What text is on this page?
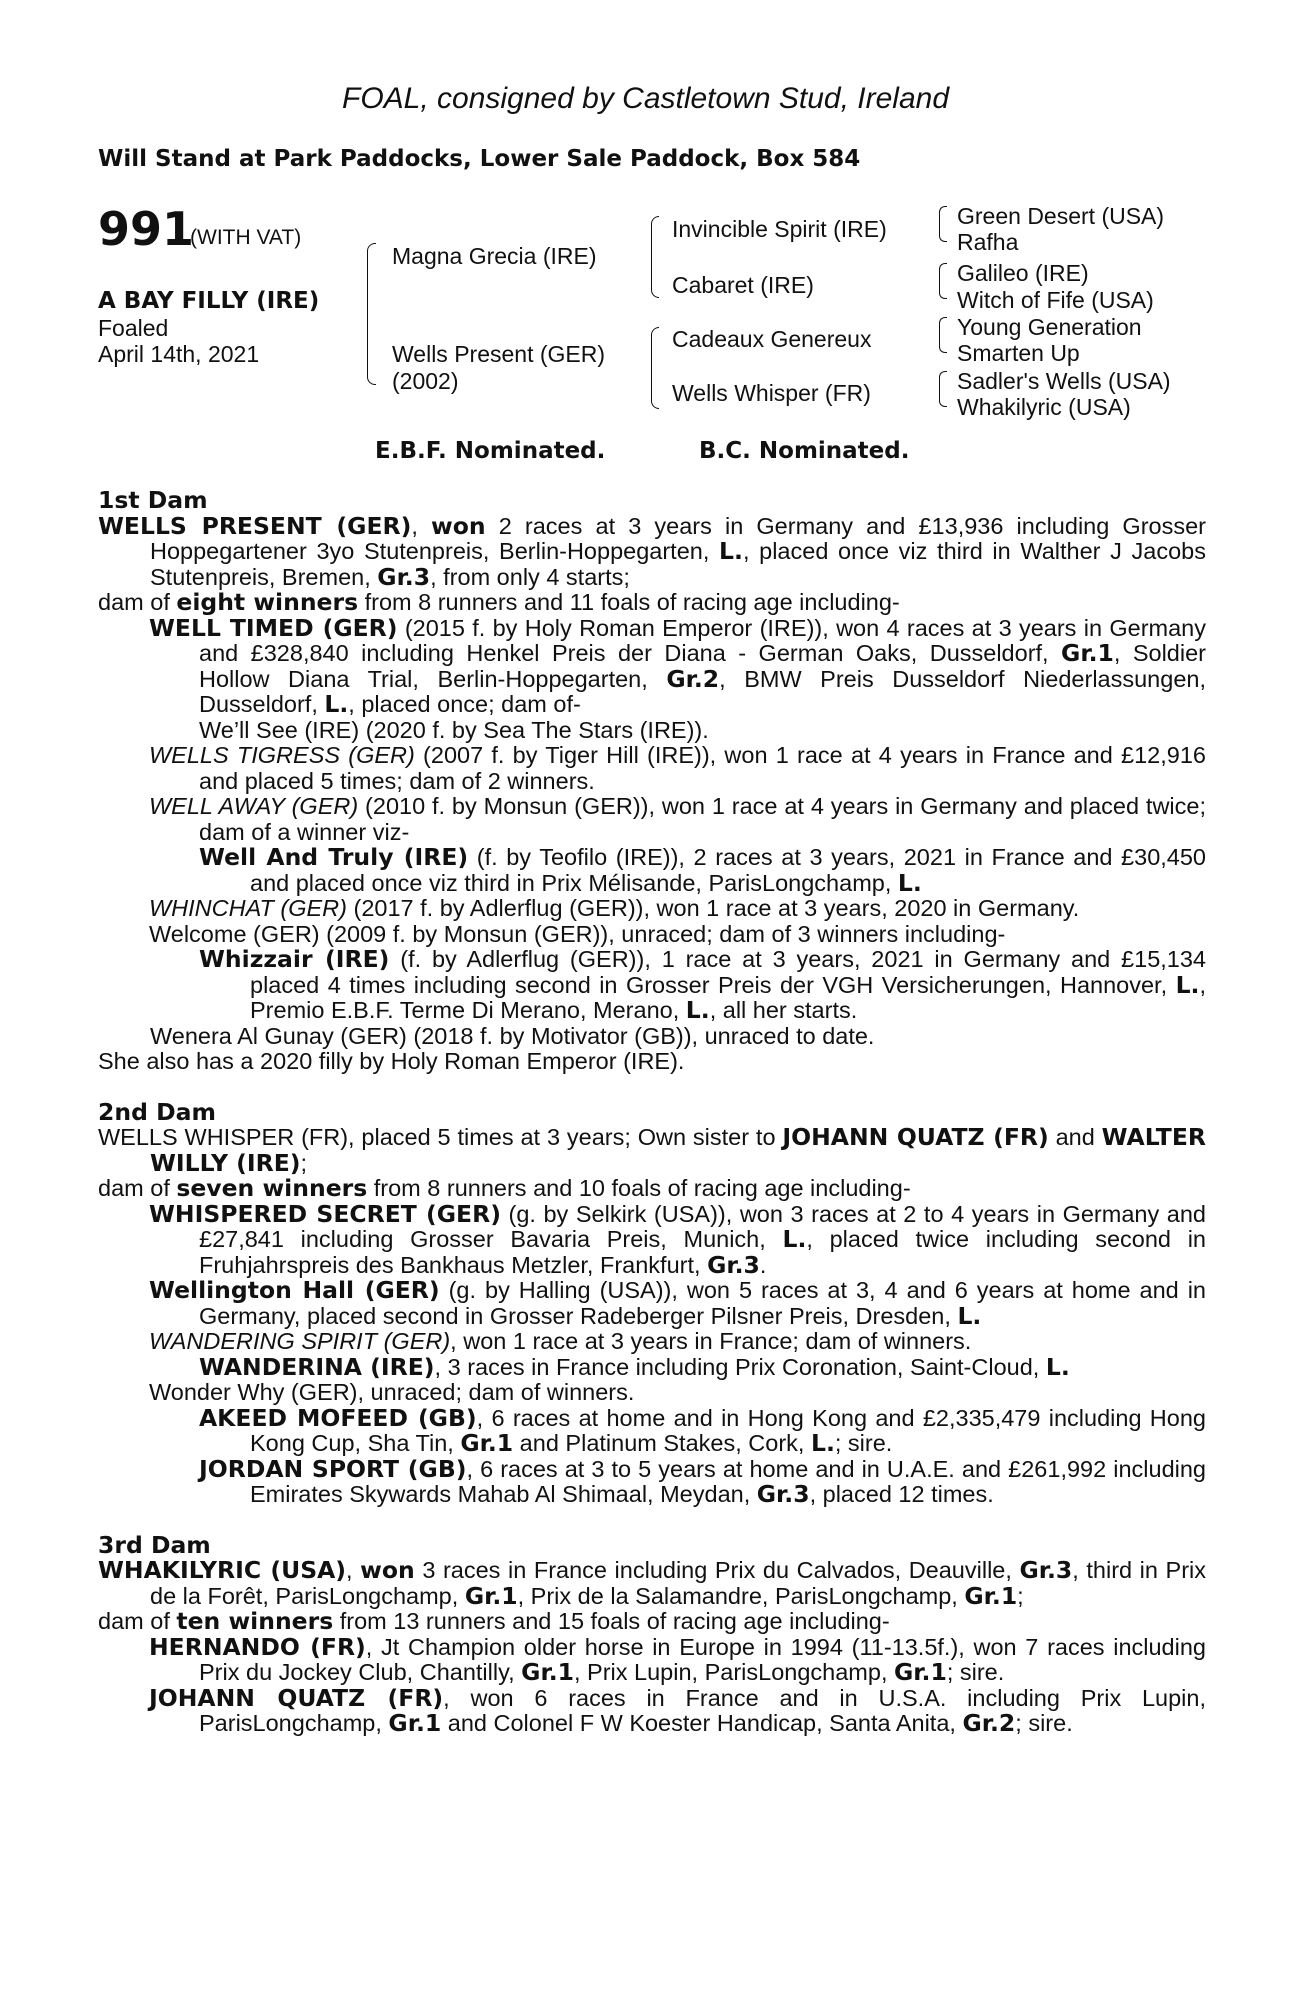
FOAL, consigned by Castletown Stud, Ireland
Will Stand at Park Paddocks, Lower Sale Paddock, Box 584
991
(WITH VAT)
A BAY FILLY (IRE)
Foaled
April 14th, 2021
Magna Grecia (IRE)
Wells Present (GER)
(2002)
Invincible Spirit (IRE)
Cabaret (IRE)
Cadeaux Genereux
Wells Whisper (FR)
Green Desert (USA)
Rafha
Galileo (IRE)
Witch of Fife (USA)
Young Generation
Smarten Up
Sadler's Wells (USA)
Whakilyric (USA)
E.B.F. Nominated.	B.C. Nominated.

1st Dam

WELLS PRESENT (GER), won 2 races at 3 years in Germany and £13,936 including Grosser Hoppegartener 3yo Stutenpreis, Berlin-Hoppegarten, L., placed once viz third in Walther J Jacobs Stutenpreis, Bremen, Gr.3, from only 4 starts;

dam of eight winners from 8 runners and 11 foals of racing age including-

WELL TIMED (GER) (2015 f. by Holy Roman Emperor (IRE)), won 4 races at 3 years in Germany and £328,840 including Henkel Preis der Diana - German Oaks, Dusseldorf, Gr.1, Soldier Hollow Diana Trial, Berlin-Hoppegarten, Gr.2, BMW Preis Dusseldorf Niederlassungen, Dusseldorf, L., placed once; dam of-

We’ll See (IRE) (2020 f. by Sea The Stars (IRE)).

WELLS TIGRESS (GER) (2007 f. by Tiger Hill (IRE)), won 1 race at 4 years in France and £12,916 and placed 5 times; dam of 2 winners.

WELL AWAY (GER) (2010 f. by Monsun (GER)), won 1 race at 4 years in Germany and placed twice; dam of a winner viz-

Well And Truly (IRE) (f. by Teofilo (IRE)), 2 races at 3 years, 2021 in France and £30,450 and placed once viz third in Prix Mélisande, ParisLongchamp, L.

WHINCHAT (GER) (2017 f. by Adlerflug (GER)), won 1 race at 3 years, 2020 in Germany.

Welcome (GER) (2009 f. by Monsun (GER)), unraced; dam of 3 winners including-

Whizzair (IRE) (f. by Adlerflug (GER)), 1 race at 3 years, 2021 in Germany and £15,134 placed 4 times including second in Grosser Preis der VGH Versicherungen, Hannover, L., Premio E.B.F. Terme Di Merano, Merano, L., all her starts.

Wenera Al Gunay (GER) (2018 f. by Motivator (GB)), unraced to date.

She also has a 2020 filly by Holy Roman Emperor (IRE).

2nd Dam

WELLS WHISPER (FR), placed 5 times at 3 years; Own sister to JOHANN QUATZ (FR) and WALTER WILLY (IRE);

dam of seven winners from 8 runners and 10 foals of racing age including-

WHISPERED SECRET (GER) (g. by Selkirk (USA)), won 3 races at 2 to 4 years in Germany and £27,841 including Grosser Bavaria Preis, Munich, L., placed twice including second in Fruhjahrspreis des Bankhaus Metzler, Frankfurt, Gr.3.

Wellington Hall (GER) (g. by Halling (USA)), won 5 races at 3, 4 and 6 years at home and in Germany, placed second in Grosser Radeberger Pilsner Preis, Dresden, L.

WANDERING SPIRIT (GER), won 1 race at 3 years in France; dam of winners.

WANDERINA (IRE), 3 races in France including Prix Coronation, Saint-Cloud, L.

Wonder Why (GER), unraced; dam of winners.

AKEED MOFEED (GB), 6 races at home and in Hong Kong and £2,335,479 including Hong Kong Cup, Sha Tin, Gr.1 and Platinum Stakes, Cork, L.; sire.

JORDAN SPORT (GB), 6 races at 3 to 5 years at home and in U.A.E. and £261,992 including Emirates Skywards Mahab Al Shimaal, Meydan, Gr.3, placed 12 times.

3rd Dam

WHAKILYRIC (USA), won 3 races in France including Prix du Calvados, Deauville, Gr.3, third in Prix de la Forêt, ParisLongchamp, Gr.1, Prix de la Salamandre, ParisLongchamp, Gr.1;

dam of ten winners from 13 runners and 15 foals of racing age including-

HERNANDO (FR), Jt Champion older horse in Europe in 1994 (11-13.5f.), won 7 races including Prix du Jockey Club, Chantilly, Gr.1, Prix Lupin, ParisLongchamp, Gr.1; sire.

JOHANN QUATZ (FR), won 6 races in France and in U.S.A. including Prix Lupin, ParisLongchamp, Gr.1 and Colonel F W Koester Handicap, Santa Anita, Gr.2; sire.
